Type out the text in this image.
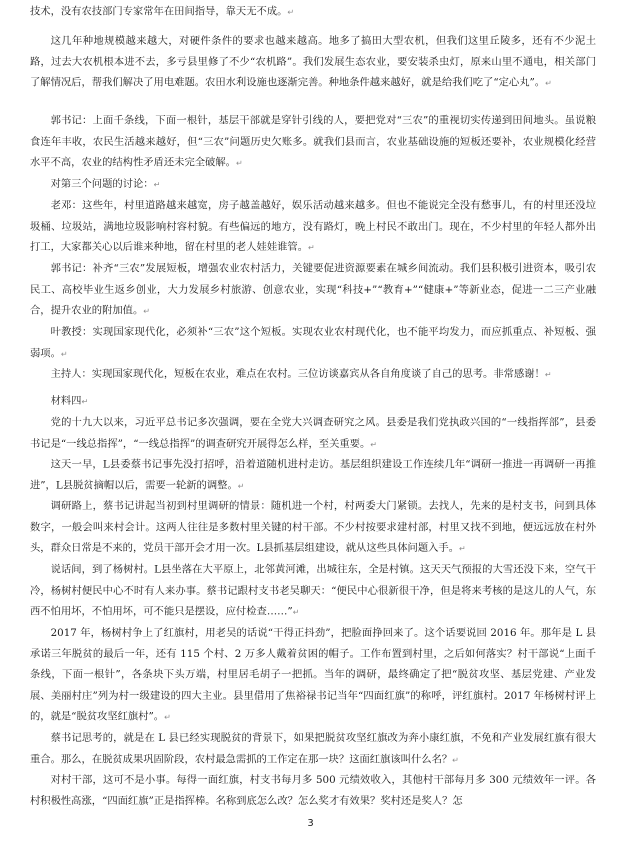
技术，没有农技部门专家常年在田间指导，靠天无不成。↵

这几年种地规模越来越大，对硬件条件的要求也越来越高。地多了搞田大型农机，但我们这里丘陵多，还有不少泥土路，过去大农机根本进不去，多亏县里修了不少“农机路”。我们发展生态农业，要安装杀虫灯，原来山里不通电，相关部门了解情况后，帮我们解决了用电难题。农田水利设施也逐渐完善。种地条件越来越好，就是给我们吃了“定心丸”。↵

郭书记：上面千条线，下面一根针，基层干部就是穿针引线的人，要把党对“三农”的重视切实传递到田间地头。虽说粮食连年丰收，农民生活越来越好，但“三农”问题历史欠账多。就我们县而言，农业基础设施的短板还要补，农业规模化经营水平不高，农业的结构性矛盾还未完全破解。↵

对第三个问题的讨论：↵

老邓：这些年，村里道路越来越宽，房子越盖越好，娱乐活动越来越多。但也不能说完全没有愁事儿，有的村里还没垃圾桶、垃圾站，满地垃圾影响村容村貌。有些偏远的地方，没有路灯，晚上村民不敢出门。现在，不少村里的年轻人都外出打工，大家都关心以后谁来种地，留在村里的老人娃娃谁管。↵

郭书记：补齐“三农”发展短板，增强农业农村活力，关键要促进资源要素在城乡间流动。我们县积极引进资本，吸引农民工、高校毕业生返乡创业，大力发展乡村旅游、创意农业，实现“科技+”“教育+”“健康+”等新业态，促进一二三产业融合，提升农业的附加值。↵

叶教授：实现国家现代化，必须补“三农”这个短板。实现农业农村现代化，也不能平均发力，而应抓重点、补短板、强弱项。↵

主持人：实现国家现代化，短板在农业，难点在农村。三位访谈嘉宾从各自角度谈了自己的思考。非常感谢！↵

材料四↵

党的十九大以来，习近平总书记多次强调，要在全党大兴调查研究之风。县委是我们党执政兴国的“一线指挥部”，县委书记是“一线总指挥”，“一线总指挥”的调查研究开展得怎么样，至关重要。↵

这天一早，L县委蔡书记事先没打招呼，沿着道随机进村走访。基层组织建设工作连续几年“调研一推进一再调研一再推进”，L县脱贫摘帽以后，需要一轮新的调整。↵

调研路上，蔡书记讲起当初到村里调研的情景：随机进一个村，村两委大门紧锁。去找人，先来的是村支书，问到具体数字，一般会叫来村会计。这两人往往是多数村里关键的村干部。不少村按要求建村部，村里又找不到地，便远远放在村外头，群众日常是不来的，党员干部开会才用一次。L县抓基层组建设，就从这些具体问题入手。↵

说话间，到了杨树村。L县坐落在大平原上，北邻黄河滩，出城往东，全是村镇。这天天气预报的大雪还没下来，空气干冷，杨树村便民中心不时有人来办事。蔡书记跟村支书老吴聊天：“便民中心很新很干净，但是将来考核的是这儿的人气，东西不怕用坏，不怕用坏，可不能只是摆设，应付检查……”↵

2017 年，杨树村争上了红旗村，用老吴的话说“干得正抖劲”，把脸面挣回来了。这个话要说回 2016 年。那年是 L 县承诺三年脱贫的最后一年，还有 115 个村、2 万多人戴着贫困的帽子。工作布置到村里，之后如何落实？村干部说“上面千条线，下面一根针”，各条块下头万端，村里居毛胡子一把抓。当年的调研，最终确定了把“脱贫攻坚、基层党建、产业发展、美丽村庄”列为村一级建设的四大主业。县里借用了焦裕禄书记当年“四面红旗”的称呼，评红旗村。2017 年杨树村评上的，就是“脱贫攻坚红旗村”。↵

蔡书记思考的，就是在 L 县已经实现脱贫的背景下，如果把脱贫攻坚红旗改为奔小康红旗，不免和产业发展红旗有很大重合。那么，在脱贫成果巩固阶段，农村最急需抓的工作定在那一块？这面红旗该叫什么名？↵

对村干部，这可不是小事。每得一面红旗，村支书每月多 500 元绩效收入，其他村干部每月多 300 元绩效年一评。各村积极性高涨，“四面红旗”正是指挥棒。名称到底怎么改？怎么奖才有效果？奖村还是奖人？怎

3
